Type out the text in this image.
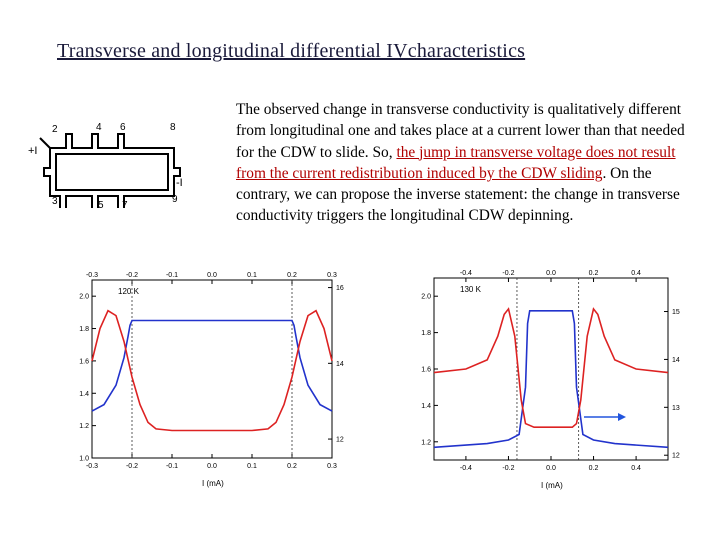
Transverse and longitudinal differential IVcharacteristics
The observed change in transverse conductivity is qualitatively different from longitudinal one and takes place at a current lower than that needed for the CDW to slide. So, the jump in transverse voltage does not result from the current redistribution induced by the CDW sliding. On the contrary, we can propose the inverse statement: the change in transverse conductivity triggers the longitudinal CDW depinning.
2	4 6	8
3	5 7
9
+I
-I
-0.3
-0.3
-0.2
-0.2
-0.1
-0.1
0.0
0.0
0.1
0.1
0.2
0.2
0.3
0.3
1.0
1.2
1.4
1.6
1.8
2.0
12
14
16
120 K
I (mA)
-0.4
-0.4
-0.2
-0.2
0.0
0.0
0.2
0.2
0.4
0.4
1.2
1.4
1.6
1.8
2.0
12
13
14
15
130 K
I (mA)
